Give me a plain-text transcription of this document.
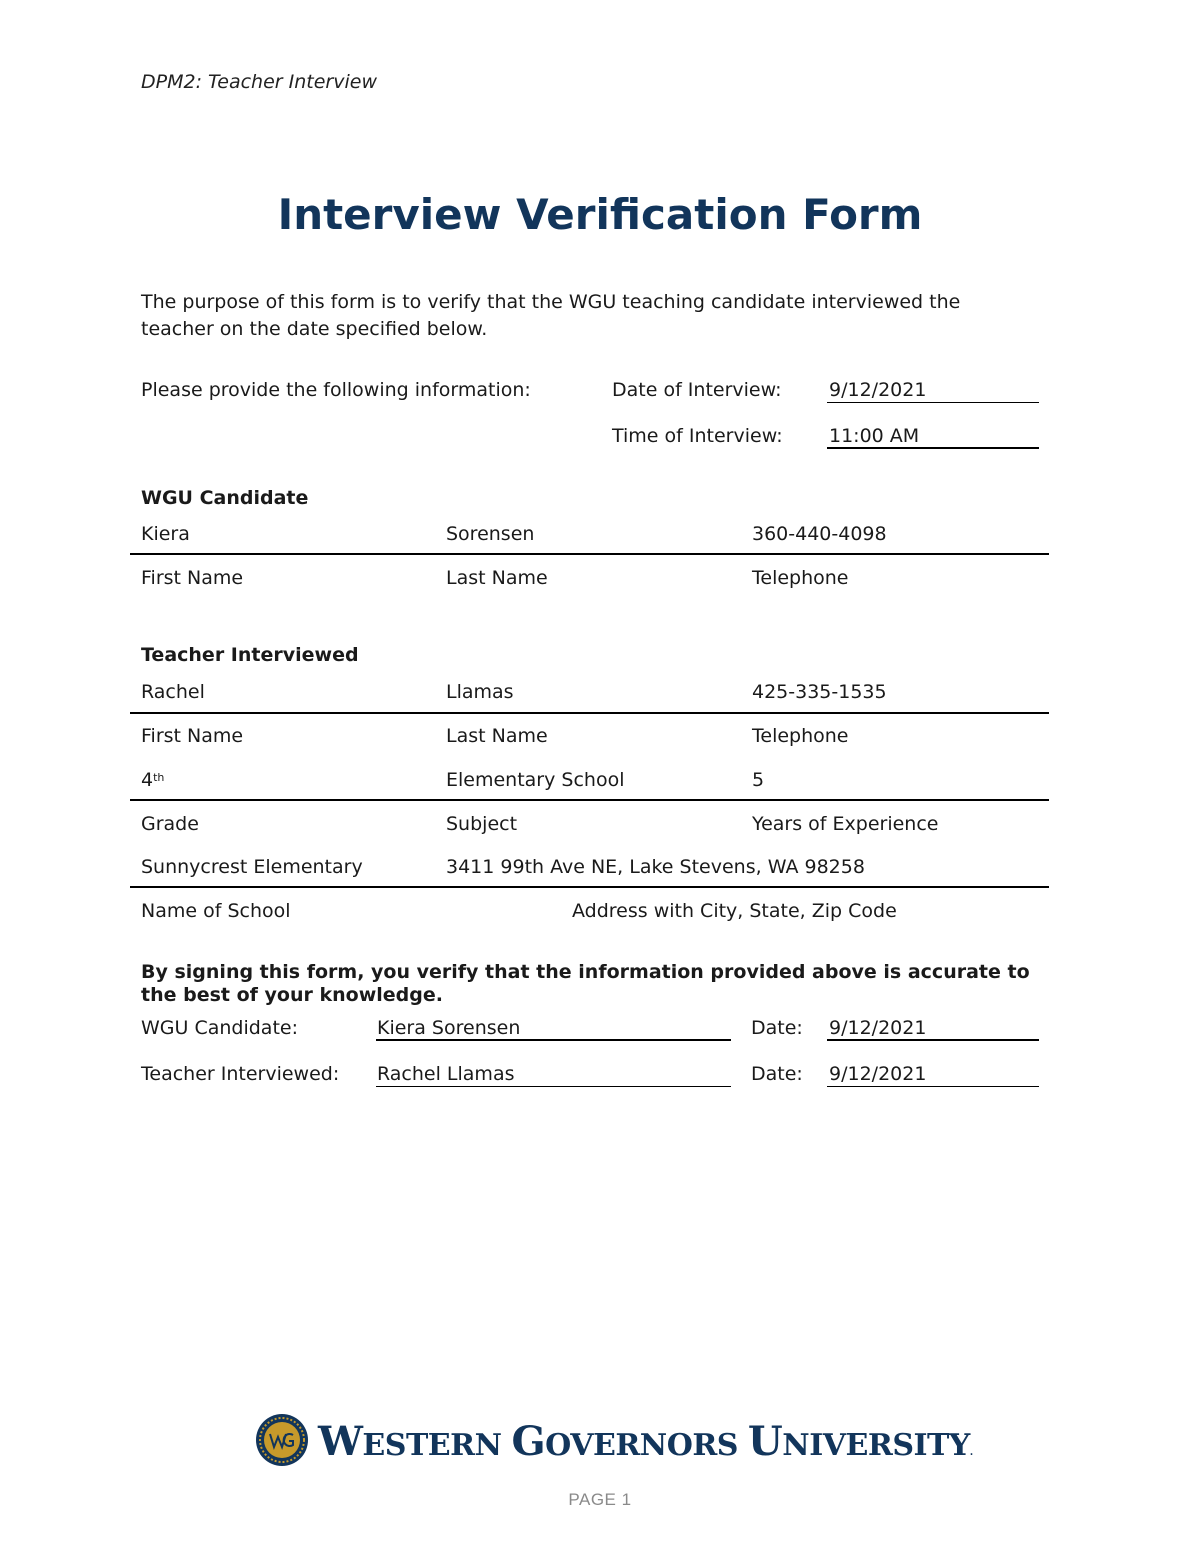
DPM2: Teacher Interview
Interview Verification Form
The purpose of this form is to verify that the WGU teaching candidate interviewed the
teacher on the date specified below.
Please provide the following information:	Date of Interview: 9/12/2021
Time of Interview: 11:00 AM
WGU Candidate
Kiera	Sorensen	360-440-4098
First Name	Last Name	Telephone
Teacher Interviewed
Rachel	Llamas	425-335-1535
First Name	Last Name	Telephone
4th	Elementary School	5
Grade	Subject	Years of Experience
Sunnycrest Elementary	3411 99th Ave NE, Lake Stevens, WA 98258
Name of School	Address with City, State, Zip Code
By signing this form, you verify that the information provided above is accurate to
the best of your knowledge.
WGU Candidate:	Kiera Sorensen	Date: 9/12/2021
Teacher Interviewed: Rachel Llamas	Date: 9/12/2021
WESTERN GOVERNORS UNIVERSITY.
PAGE 1
